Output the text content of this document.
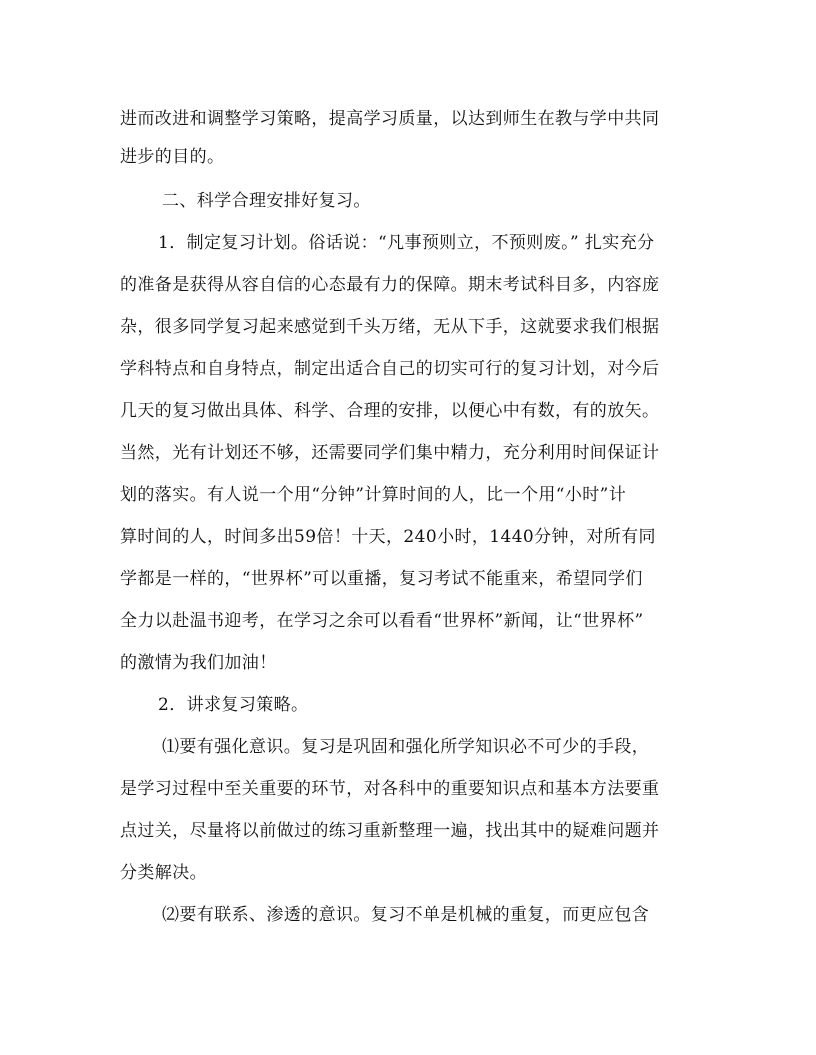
进而改进和调整学习策略，提高学习质量，以达到师生在教与学中共同
进步的目的。
二、科学合理安排好复习。
1．制定复习计划。俗话说：“凡事预则立，不预则废。” 扎实充分
的准备是获得从容自信的心态最有力的保障。期末考试科目多，内容庞
杂，很多同学复习起来感觉到千头万绪，无从下手，这就要求我们根据
学科特点和自身特点，制定出适合自己的切实可行的复习计划，对今后
几天的复习做出具体、科学、合理的安排，以便心中有数，有的放矢。
当然，光有计划还不够，还需要同学们集中精力，充分利用时间保证计
划的落实。有人说一个用“分钟”计算时间的人，比一个用“小时”计
算时间的人，时间多出59倍！十天，240小时，1440分钟，对所有同
学都是一样的，“世界杯”可以重播，复习考试不能重来，希望同学们
全力以赴温书迎考，在学习之余可以看看“世界杯”新闻，让“世界杯”
的激情为我们加油！
2．讲求复习策略。
⑴要有强化意识。复习是巩固和强化所学知识必不可少的手段，
是学习过程中至关重要的环节，对各科中的重要知识点和基本方法要重
点过关，尽量将以前做过的练习重新整理一遍，找出其中的疑难问题并
分类解决。
⑵要有联系、渗透的意识。复习不单是机械的重复，而更应包含
